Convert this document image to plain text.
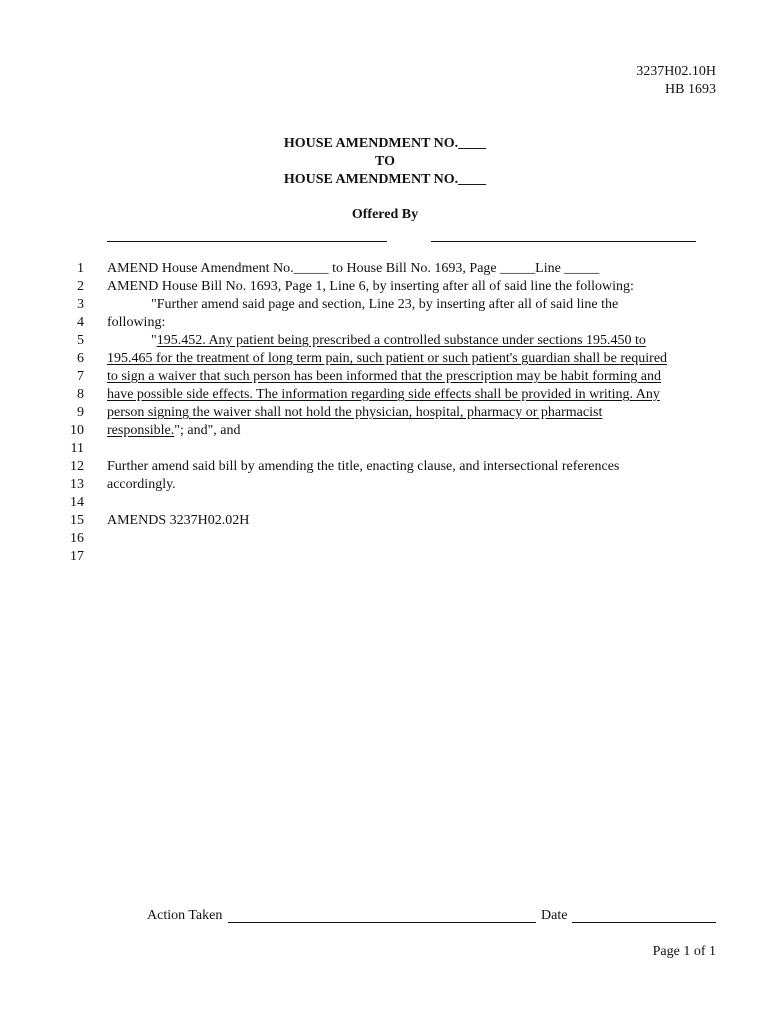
3237H02.10H
HB 1693
HOUSE AMENDMENT NO.____
TO
HOUSE AMENDMENT NO.____
Offered By
1
2
3
4
5
6
7
8
9
10
11
12
13
14
15
16
17
AMEND House Amendment No._____ to House Bill No. 1693, Page _____Line _____
AMEND House Bill No. 1693, Page 1, Line 6, by inserting after all of said line the following:
"Further amend said page and section, Line 23, by inserting after all of said line the
following:
"195.452. Any patient being prescribed a controlled substance under sections 195.450 to
195.465 for the treatment of long term pain, such patient or such patient's guardian shall be required
to sign a waiver that such person has been informed that the prescription may be habit forming and
have possible side effects. The information regarding side effects shall be provided in writing. Any
person signing the waiver shall not hold the physician, hospital, pharmacy or pharmacist
responsible."; and", and
Further amend said bill by amending the title, enacting clause, and intersectional references
accordingly.
AMENDS 3237H02.02H
Action Taken	Date
Page 1 of 1
